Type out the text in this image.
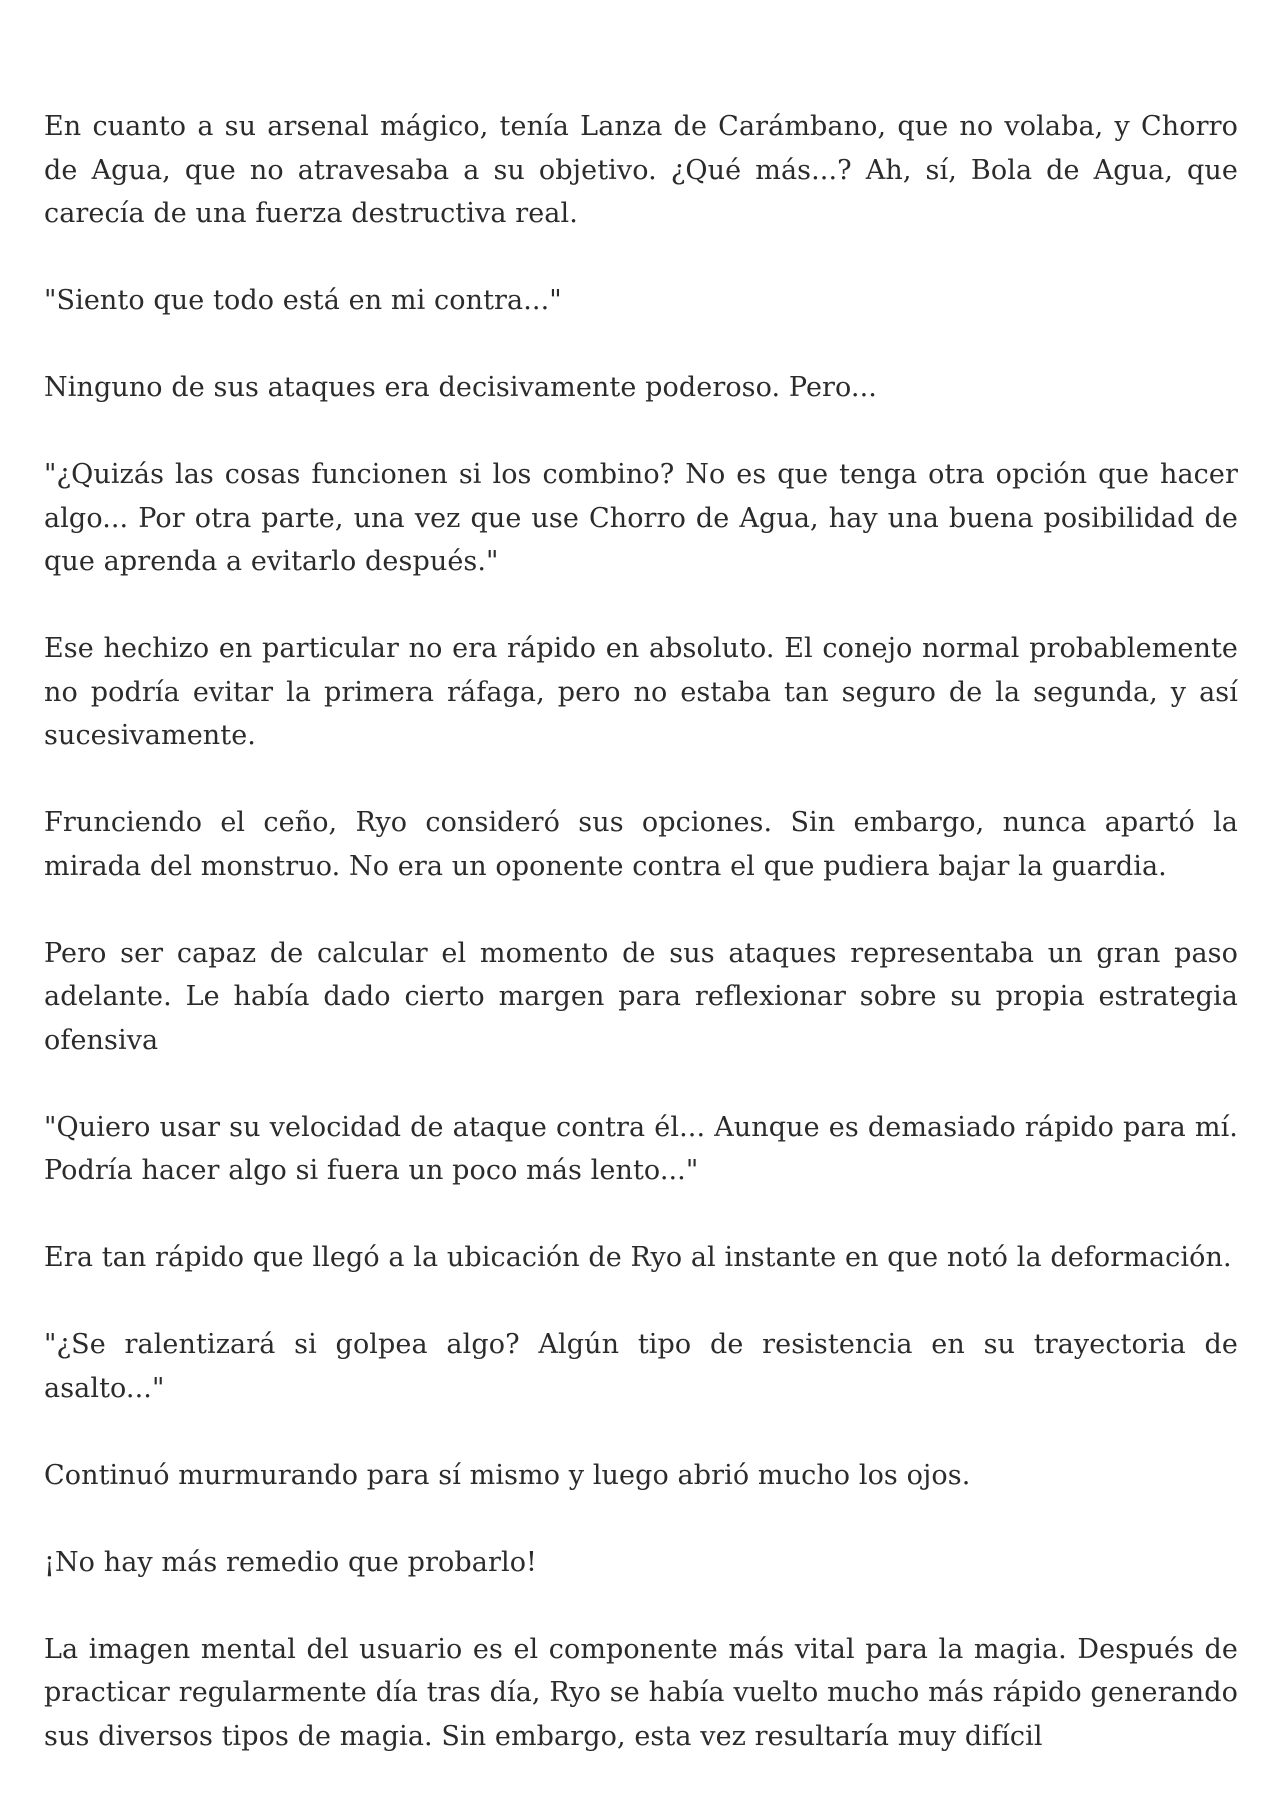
En cuanto a su arsenal mágico, tenía Lanza de Carámbano, que no volaba, y Chorro de Agua, que no atravesaba a su objetivo. ¿Qué más...? Ah, sí, Bola de Agua, que carecía de una fuerza destructiva real.

"Siento que todo está en mi contra..."

Ninguno de sus ataques era decisivamente poderoso. Pero...

"¿Quizás las cosas funcionen si los combino? No es que tenga otra opción que hacer algo... Por otra parte, una vez que use Chorro de Agua, hay una buena posibilidad de que aprenda a evitarlo después."

Ese hechizo en particular no era rápido en absoluto. El conejo normal probablemente no podría evitar la primera ráfaga, pero no estaba tan seguro de la segunda, y así sucesivamente.

Frunciendo el ceño, Ryo consideró sus opciones. Sin embargo, nunca apartó la mirada del monstruo. No era un oponente contra el que pudiera bajar la guardia.

Pero ser capaz de calcular el momento de sus ataques representaba un gran paso adelante. Le había dado cierto margen para reflexionar sobre su propia estrategia ofensiva

"Quiero usar su velocidad de ataque contra él... Aunque es demasiado rápido para mí. Podría hacer algo si fuera un poco más lento..."

Era tan rápido que llegó a la ubicación de Ryo al instante en que notó la deformación.

"¿Se ralentizará si golpea algo? Algún tipo de resistencia en su trayectoria de asalto..."

Continuó murmurando para sí mismo y luego abrió mucho los ojos.

¡No hay más remedio que probarlo!

La imagen mental del usuario es el componente más vital para la magia. Después de practicar regularmente día tras día, Ryo se había vuelto mucho más rápido generando sus diversos tipos de magia. Sin embargo, esta vez resultaría muy difícil
